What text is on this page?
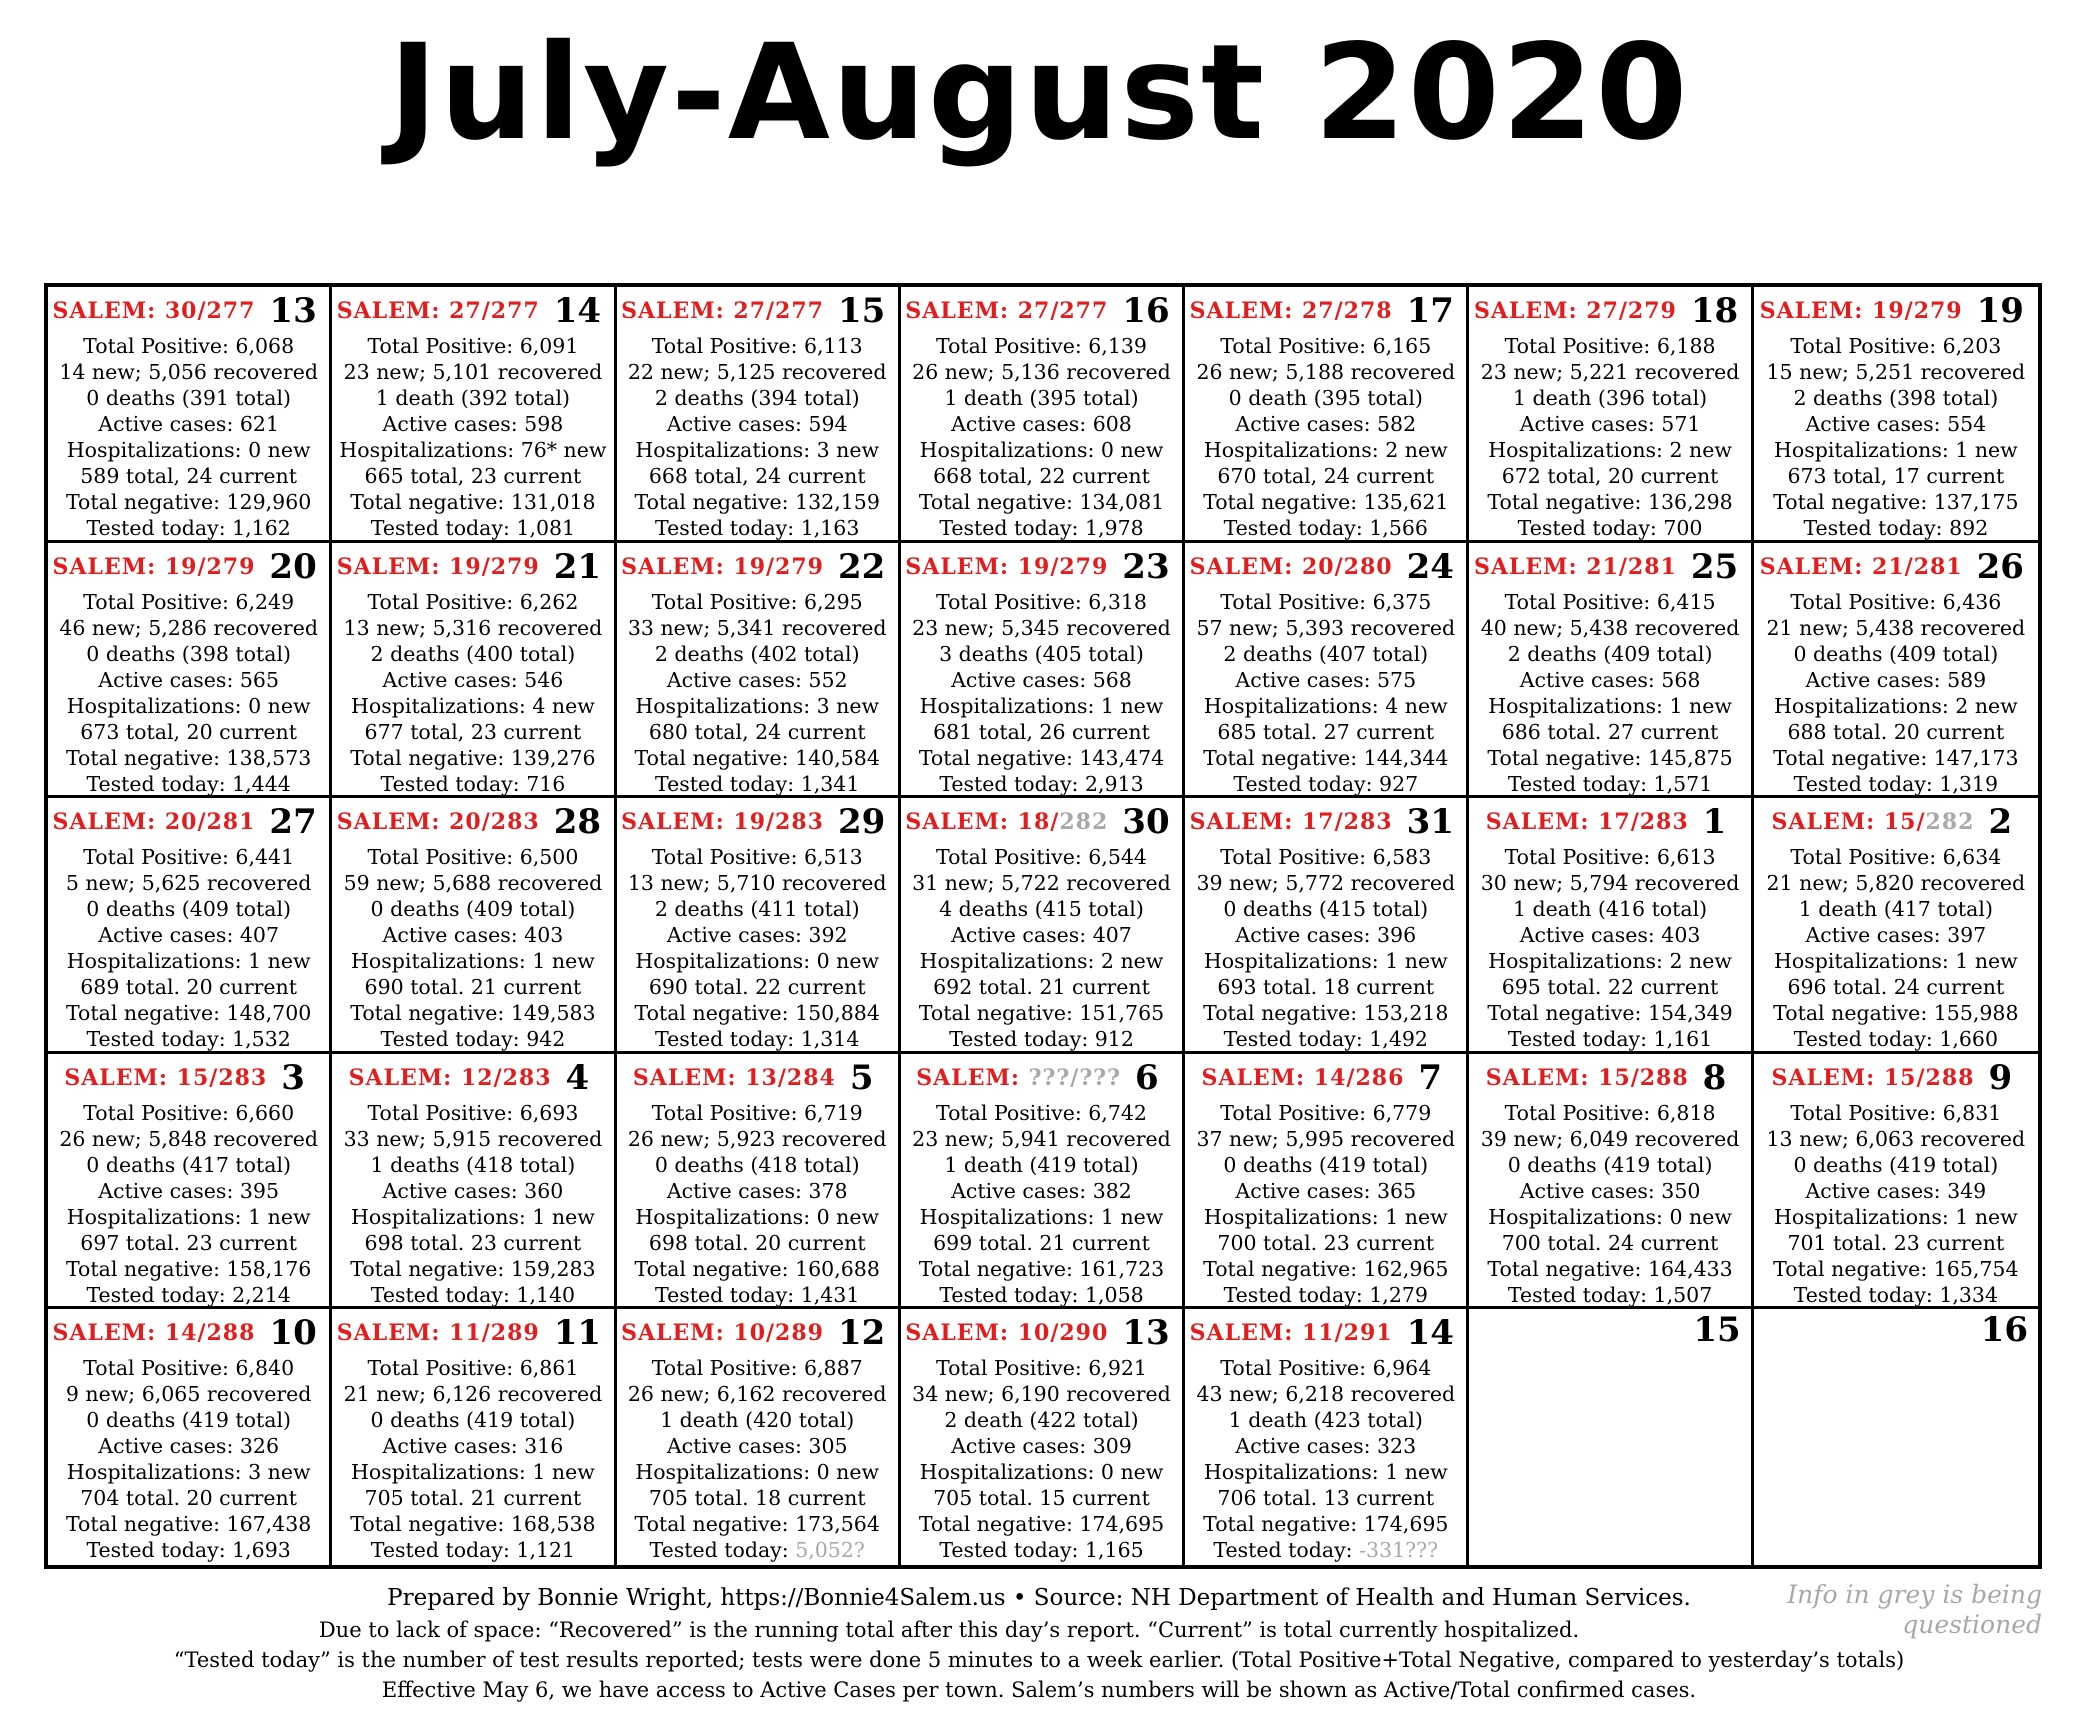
July-August 2020
SALEM: 30/277 13
Total Positive: 6,068
14 new; 5,056 recovered
0 deaths (391 total)
Active cases: 621
Hospitalizations: 0 new
589 total, 24 current
Total negative: 129,960
Tested today: 1,162
SALEM: 27/277 14
Total Positive: 6,091
23 new; 5,101 recovered
1 death (392 total)
Active cases: 598
Hospitalizations: 76* new
665 total, 23 current
Total negative: 131,018
Tested today: 1,081
SALEM: 27/277 15
Total Positive: 6,113
22 new; 5,125 recovered
2 deaths (394 total)
Active cases: 594
Hospitalizations: 3 new
668 total, 24 current
Total negative: 132,159
Tested today: 1,163
SALEM: 27/277 16
Total Positive: 6,139
26 new; 5,136 recovered
1 death (395 total)
Active cases: 608
Hospitalizations: 0 new
668 total, 22 current
Total negative: 134,081
Tested today: 1,978
SALEM: 27/278 17
Total Positive: 6,165
26 new; 5,188 recovered
0 death (395 total)
Active cases: 582
Hospitalizations: 2 new
670 total, 24 current
Total negative: 135,621
Tested today: 1,566
SALEM: 27/279 18
Total Positive: 6,188
23 new; 5,221 recovered
1 death (396 total)
Active cases: 571
Hospitalizations: 2 new
672 total, 20 current
Total negative: 136,298
Tested today: 700
SALEM: 19/279 19
Total Positive: 6,203
15 new; 5,251 recovered
2 deaths (398 total)
Active cases: 554
Hospitalizations: 1 new
673 total, 17 current
Total negative: 137,175
Tested today: 892
SALEM: 19/279 20
Total Positive: 6,249
46 new; 5,286 recovered
0 deaths (398 total)
Active cases: 565
Hospitalizations: 0 new
673 total, 20 current
Total negative: 138,573
Tested today: 1,444
SALEM: 19/279 21
Total Positive: 6,262
13 new; 5,316 recovered
2 deaths (400 total)
Active cases: 546
Hospitalizations: 4 new
677 total, 23 current
Total negative: 139,276
Tested today: 716
SALEM: 19/279 22
Total Positive: 6,295
33 new; 5,341 recovered
2 deaths (402 total)
Active cases: 552
Hospitalizations: 3 new
680 total, 24 current
Total negative: 140,584
Tested today: 1,341
SALEM: 19/279 23
Total Positive: 6,318
23 new; 5,345 recovered
3 deaths (405 total)
Active cases: 568
Hospitalizations: 1 new
681 total, 26 current
Total negative: 143,474
Tested today: 2,913
SALEM: 20/280 24
Total Positive: 6,375
57 new; 5,393 recovered
2 deaths (407 total)
Active cases: 575
Hospitalizations: 4 new
685 total. 27 current
Total negative: 144,344
Tested today: 927
SALEM: 21/281 25
Total Positive: 6,415
40 new; 5,438 recovered
2 deaths (409 total)
Active cases: 568
Hospitalizations: 1 new
686 total. 27 current
Total negative: 145,875
Tested today: 1,571
SALEM: 21/281 26
Total Positive: 6,436
21 new; 5,438 recovered
0 deaths (409 total)
Active cases: 589
Hospitalizations: 2 new
688 total. 20 current
Total negative: 147,173
Tested today: 1,319
SALEM: 20/281 27
Total Positive: 6,441
5 new; 5,625 recovered
0 deaths (409 total)
Active cases: 407
Hospitalizations: 1 new
689 total. 20 current
Total negative: 148,700
Tested today: 1,532
SALEM: 20/283 28
Total Positive: 6,500
59 new; 5,688 recovered
0 deaths (409 total)
Active cases: 403
Hospitalizations: 1 new
690 total. 21 current
Total negative: 149,583
Tested today: 942
SALEM: 19/283 29
Total Positive: 6,513
13 new; 5,710 recovered
2 deaths (411 total)
Active cases: 392
Hospitalizations: 0 new
690 total. 22 current
Total negative: 150,884
Tested today: 1,314
SALEM: 18/282 30
Total Positive: 6,544
31 new; 5,722 recovered
4 deaths (415 total)
Active cases: 407
Hospitalizations: 2 new
692 total. 21 current
Total negative: 151,765
Tested today: 912
SALEM: 17/283 31
Total Positive: 6,583
39 new; 5,772 recovered
0 deaths (415 total)
Active cases: 396
Hospitalizations: 1 new
693 total. 18 current
Total negative: 153,218
Tested today: 1,492
SALEM: 17/283 1
Total Positive: 6,613
30 new; 5,794 recovered
1 death (416 total)
Active cases: 403
Hospitalizations: 2 new
695 total. 22 current
Total negative: 154,349
Tested today: 1,161
SALEM: 15/282 2
Total Positive: 6,634
21 new; 5,820 recovered
1 death (417 total)
Active cases: 397
Hospitalizations: 1 new
696 total. 24 current
Total negative: 155,988
Tested today: 1,660
SALEM: 15/283 3
Total Positive: 6,660
26 new; 5,848 recovered
0 deaths (417 total)
Active cases: 395
Hospitalizations: 1 new
697 total. 23 current
Total negative: 158,176
Tested today: 2,214
SALEM: 12/283 4
Total Positive: 6,693
33 new; 5,915 recovered
1 deaths (418 total)
Active cases: 360
Hospitalizations: 1 new
698 total. 23 current
Total negative: 159,283
Tested today: 1,140
SALEM: 13/284 5
Total Positive: 6,719
26 new; 5,923 recovered
0 deaths (418 total)
Active cases: 378
Hospitalizations: 0 new
698 total. 20 current
Total negative: 160,688
Tested today: 1,431
SALEM: ???/??? 6
Total Positive: 6,742
23 new; 5,941 recovered
1 death (419 total)
Active cases: 382
Hospitalizations: 1 new
699 total. 21 current
Total negative: 161,723
Tested today: 1,058
SALEM: 14/286 7
Total Positive: 6,779
37 new; 5,995 recovered
0 deaths (419 total)
Active cases: 365
Hospitalizations: 1 new
700 total. 23 current
Total negative: 162,965
Tested today: 1,279
SALEM: 15/288 8
Total Positive: 6,818
39 new; 6,049 recovered
0 deaths (419 total)
Active cases: 350
Hospitalizations: 0 new
700 total. 24 current
Total negative: 164,433
Tested today: 1,507
SALEM: 15/288 9
Total Positive: 6,831
13 new; 6,063 recovered
0 deaths (419 total)
Active cases: 349
Hospitalizations: 1 new
701 total. 23 current
Total negative: 165,754
Tested today: 1,334
SALEM: 14/288 10
Total Positive: 6,840
9 new; 6,065 recovered
0 deaths (419 total)
Active cases: 326
Hospitalizations: 3 new
704 total. 20 current
Total negative: 167,438
Tested today: 1,693
SALEM: 11/289 11
Total Positive: 6,861
21 new; 6,126 recovered
0 deaths (419 total)
Active cases: 316
Hospitalizations: 1 new
705 total. 21 current
Total negative: 168,538
Tested today: 1,121
SALEM: 10/289 12
Total Positive: 6,887
26 new; 6,162 recovered
1 death (420 total)
Active cases: 305
Hospitalizations: 0 new
705 total. 18 current
Total negative: 173,564
Tested today: 5,052?
SALEM: 10/290 13
Total Positive: 6,921
34 new; 6,190 recovered
2 death (422 total)
Active cases: 309
Hospitalizations: 0 new
705 total. 15 current
Total negative: 174,695
Tested today: 1,165
SALEM: 11/291 14
Total Positive: 6,964
43 new; 6,218 recovered
1 death (423 total)
Active cases: 323
Hospitalizations: 1 new
706 total. 13 current
Total negative: 174,695
Tested today: -331???
15	16
Prepared by Bonnie Wright, https://Bonnie4Salem.us • Source: NH Department of Health and Human Services.
Due to lack of space: “Recovered” is the running total after this day’s report. “Current” is total currently hospitalized.
“Tested today” is the number of test results reported; tests were done 5 minutes to a week earlier. (Total Positive+Total Negative, compared to yesterday’s totals)
Effective May 6, we have access to Active Cases per town. Salem’s numbers will be shown as Active/Total confirmed cases.
Info in grey is being questioned
